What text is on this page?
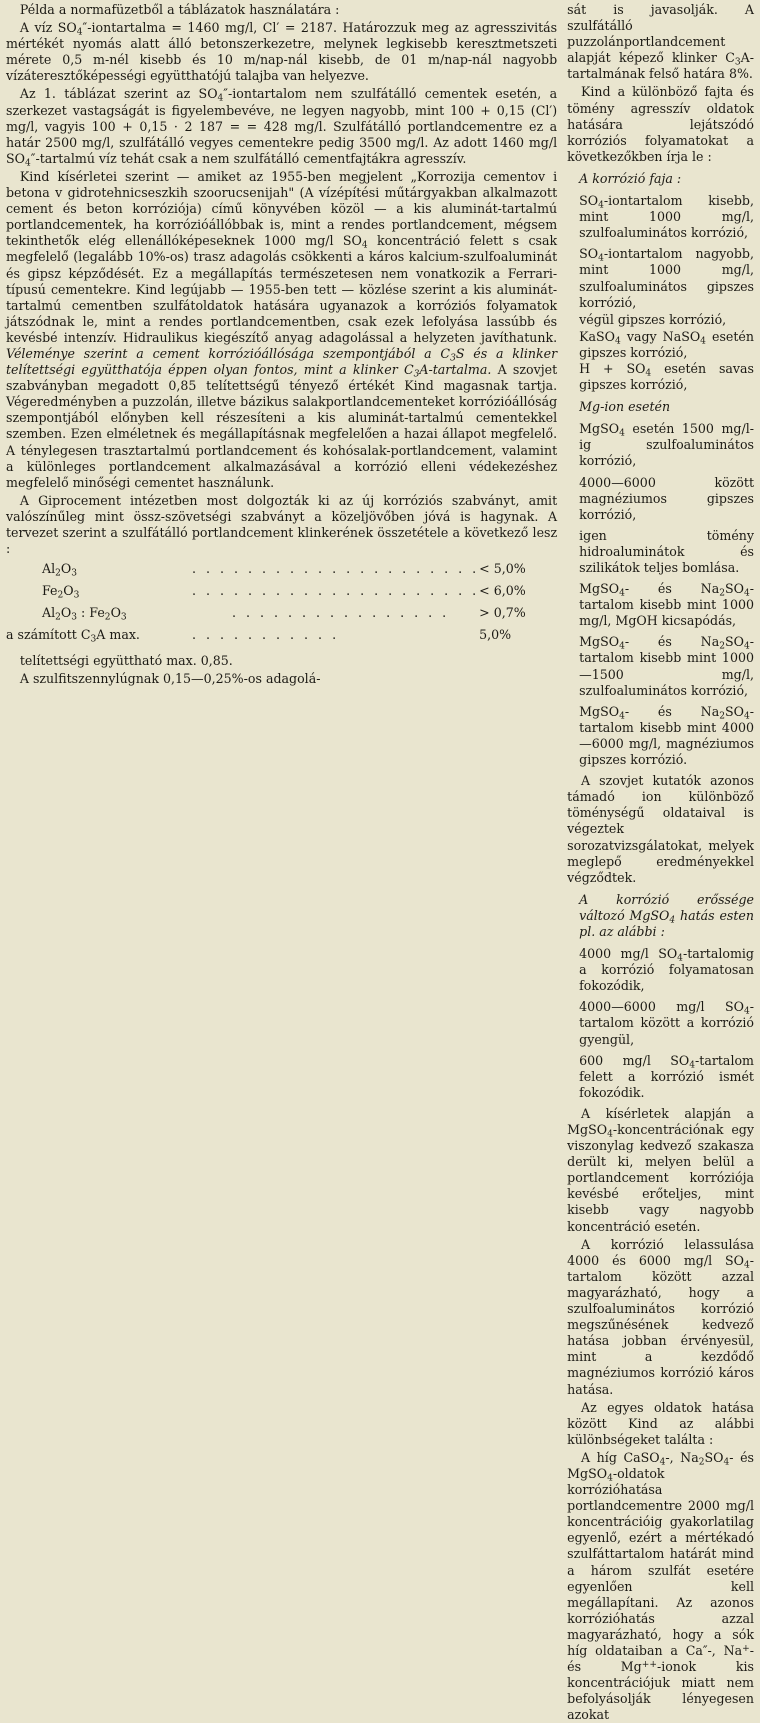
Példa a normafüzetből a táblázatok használatára :

A víz $SO_4''$-iontartalma = 1460 mg/l, Cl′ = 2187. Határozzuk meg az agresszivitás mértékét nyomás alatt álló betonszerkezetre, melynek legkisebb keresztmetszeti mérete 0,5 m-nél kisebb és 10 m/nap-nál kisebb, de 01 m/nap-nál nagyobb vízáteresztőképességi együtthatójú talajba van helyezve.

Az 1. táblázat szerint az $SO_4''$-iontartalom nem szulfátálló cementek esetén, a szerkezet vastagságát is figyelembevéve, ne legyen nagyobb, mint 100 + 0,15 (Cl′) mg/l, vagyis 100 + 0,15 · 2 187 = = 428 mg/l. Szulfátálló portlandcementre ez a határ 2500 mg/l, szulfátálló vegyes cementekre pedig 3500 mg/l. Az adott 1460 mg/l $SO_4''$-tartalmú víz tehát csak a nem szulfátálló cementfajtákra agresszív.

Kind kísérletei szerint — amiket az 1955-ben megjelent „Korrozija cementov i betona v gidrotehnicseszkih szoorucsenijah" (A vízépítési műtárgyakban alkalmazott cement és beton korróziója) című könyvében közöl — a kis aluminát-tartalmú portlandcementek, ha korrózióállóbbak is, mint a rendes portlandcement, mégsem tekinthetők elég ellenállóképeseknek 1000 mg/l $SO_4$ koncentráció felett s csak megfelelő (legalább 10%-os) trasz adagolás csökkenti a káros kalcium-szulfoaluminát és gipsz képződését. Ez a megállapítás természetesen nem vonatkozik a Ferrari-típusú cementekre. Kind legújabb — 1955-ben tett — közlése szerint a kis aluminát-tartalmú cementben szulfátoldatok hatására ugyanazok a korróziós folyamatok játszódnak le, mint a rendes portlandcementben, csak ezek lefolyása lassúbb és kevésbé intenzív. Hidraulikus kiegészítő anyag adagolással a helyzeten javíthatunk. Véleménye szerint a cement korrózióállósága szempontjából a $C_3S$ és a klinker telítettségi együtthatója éppen olyan fontos, mint a klinker $C_3A$-tartalma. A szovjet szabványban megadott 0,85 telítettségű tényező értékét Kind magasnak tartja. Végeredményben a puzzolán, illetve bázikus salakportlandcementeket korrózióállóság szempontjából előnyben kell részesíteni a kis aluminát-tartalmú cementekkel szemben. Ezen elméletnek és megállapításnak megfelelően a hazai állapot megfelelő. A ténylegesen trasztartalmú portlandcement és kohósalak-portlandcement, valamint a különleges portlandcement alkalmazásával a korrózió elleni védekezéshez megfelelő minőségi cementet használunk.

A Giprocement intézetben most dolgozták ki az új korróziós szabványt, amit valószínűleg mint össz-szövetségi szabványt a közeljövőben jóvá is hagynak. A tervezet szerint a szulfátálló portlandcement klinkerének összetétele a következő lesz :

$Al_2O_3$	. . . . . . . . . . . . . . . . . . . . . < 5,0%
$Fe_2O_3$	. . . . . . . . . . . . . . . . . . . . . < 6,0%
$Al_2O_3$ : $Fe_2O_3$	. . . . . . . . . . . . . . . .	> 0,7%
a számított $C_3A$ max.	. . . . . . . . . . .	5,0%

telítettségi együttható max. 0,85.

A szulfitszennylúgnak 0,15—0,25%-os adagolá-

sát is javasolják. A szulfátálló puzzolánportlandcement alapját képező klinker $C_3A$-tartalmának felső határa 8%.

Kind a különböző fajta és tömény agresszív oldatok hatására lejátszódó korróziós folyamatokat a következőkben írja le :

A korrózió faja :

$SO_4$-iontartalom kisebb, mint 1000 mg/l, szulfoaluminátos korrózió,

$SO_4$-iontartalom nagyobb, mint 1000 mg/l, szulfoaluminátos gipszes korrózió,

végül gipszes korrózió,

KaSO$_4$ vagy NaSO$_4$ esetén gipszes korrózió,

$H + SO_4$ esetén savas gipszes korrózió,

Mg-ion esetén

MgSO$_4$ esetén 1500 mg/l-ig szulfoaluminátos korrózió,

4000—6000 között magnéziumos gipszes korrózió,

igen tömény hidroaluminátok és szilikátok teljes bomlása.

MgSO$_4$- és $Na_2SO_4$-tartalom kisebb mint 1000 mg/l, MgOH kicsapódás,

MgSO$_4$- és $Na_2SO_4$-tartalom kisebb mint 1000—1500 mg/l, szulfoaluminátos korrózió,

MgSO$_4$- és $Na_2SO_4$-tartalom kisebb mint 4000—6000 mg/l, magnéziumos gipszes korrózió.

A szovjet kutatók azonos támadó ion különböző töménységű oldataival is végeztek sorozatvizsgálatokat, melyek meglepő eredményekkel végződtek.

A korrózió erőssége változó MgSO$_4$ hatás esten pl. az alábbi :

4000 mg/l $SO_4$-tartalomig a korrózió folyamatosan fokozódik,

4000—6000 mg/l $SO_4$-tartalom között a korrózió gyengül,

600 mg/l $SO_4$-tartalom felett a korrózió ismét fokozódik.

A kísérletek alapján a MgSO$_4$-koncentrációnak egy viszonylag kedvező szakasza derült ki, melyen belül a portlandcement korróziója kevésbé erőteljes, mint kisebb vagy nagyobb koncentráció esetén.

A korrózió lelassulása 4000 és 6000 mg/l $SO_4$-tartalom között azzal magyarázható, hogy a szulfoaluminátos korrózió megszűnésének kedvező hatása jobban érvényesül, mint a kezdődő magnéziumos korrózió káros hatása.

Az egyes oldatok hatása között Kind az alábbi különbségeket találta :

A híg CaSO$_4$-, $Na_2SO_4-$ és MgSO$_4$-oldatok korrózióhatása portlandcementre 2000 mg/l koncentrációig gyakorlatilag egyenlő, ezért a mértékadó szulfáttartalom határát mind a három szulfát esetére egyenlően kell megállapítani. Az azonos korrózióhatás azzal magyarázható, hogy a sók híg oldataiban a Ca″-, Na+- és Mg++-ionok kis koncentrációjuk miatt nem befolyásolják lényegesen azokat
